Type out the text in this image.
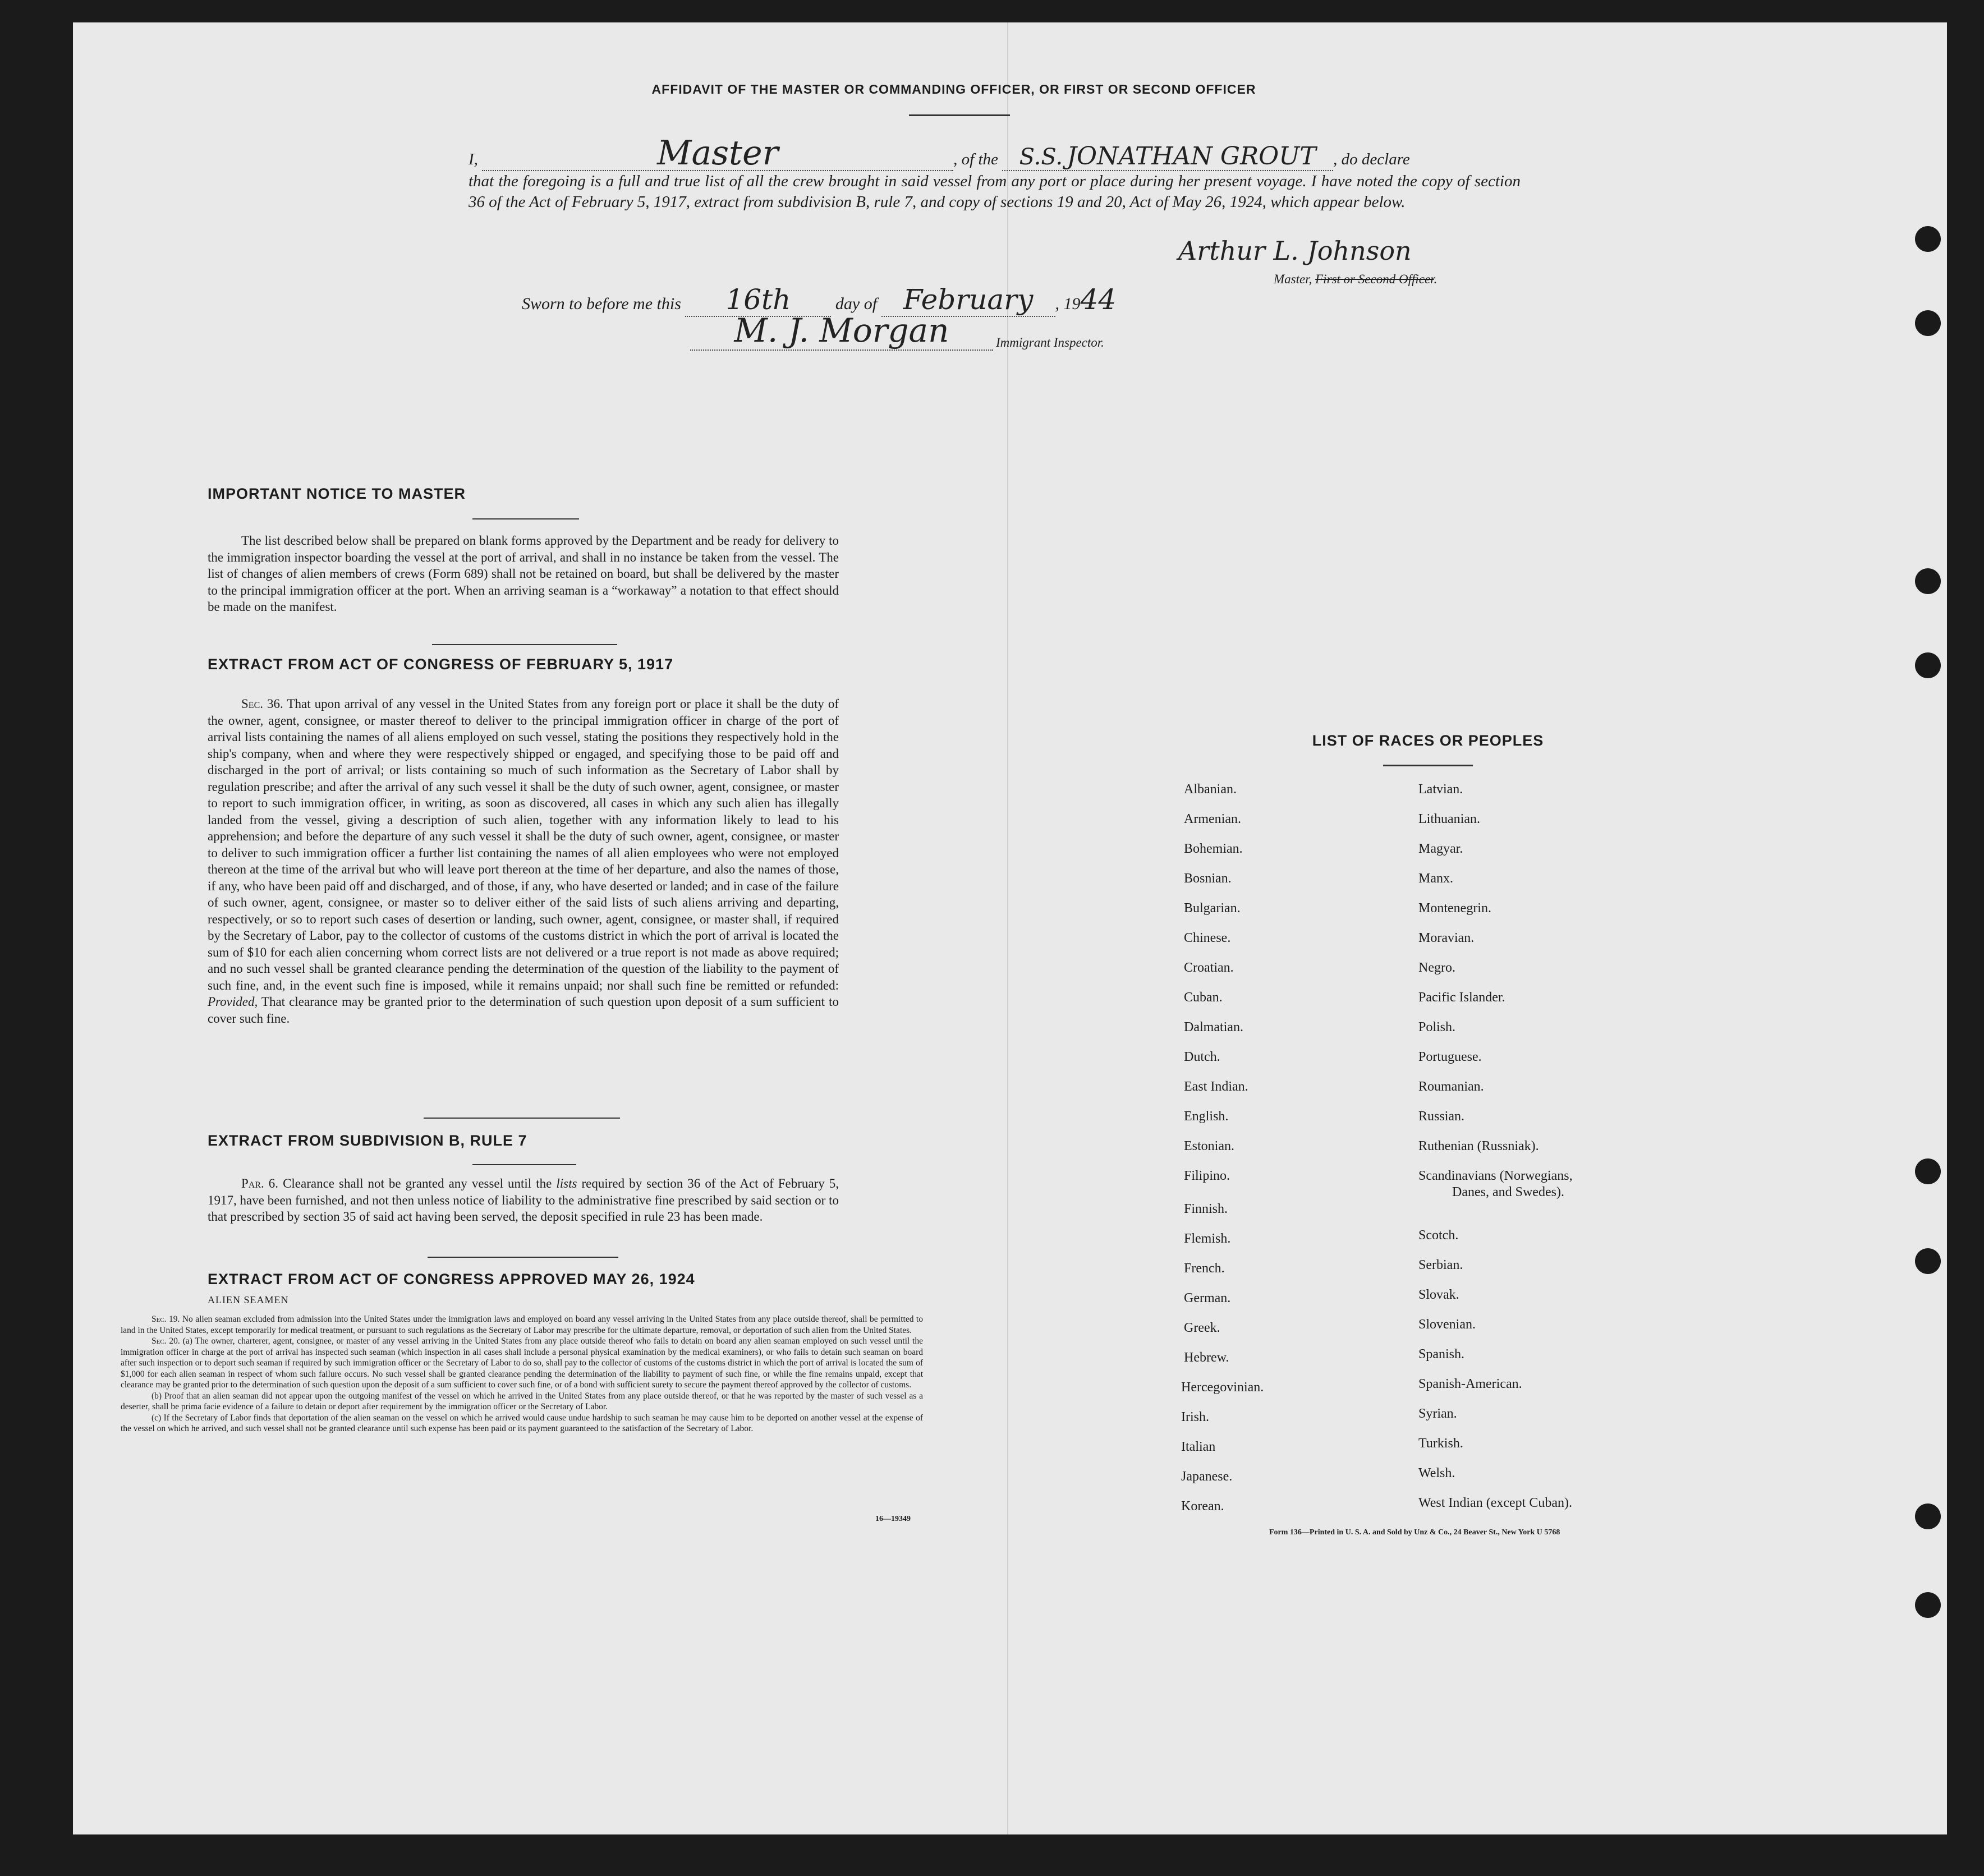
AFFIDAVIT OF THE MASTER OR COMMANDING OFFICER, OR FIRST OR SECOND OFFICER
I,	Master	, of the S.S. JONATHAN GROUT , do declare
that the foregoing is a full and true list of all the crew brought in said vessel from any port or place during her present voyage. I have noted the copy of section 36 of the Act of February 5, 1917, extract from subdivision B, rule 7, and copy of sections 19 and 20, Act of May 26, 1924, which appear below.
Arthur L. Johnson
Master, First or Second Officer.
Sworn to before me this 16th	day of February , 1944
M. J. Morgan	Immigrant Inspector.
IMPORTANT NOTICE TO MASTER
The list described below shall be prepared on blank forms approved by the Department and be ready for delivery to the immigration inspector boarding the vessel at the port of arrival, and shall in no instance be taken from the vessel. The list of changes of alien members of crews (Form 689) shall not be retained on board, but shall be delivered by the master to the principal immigration officer at the port. When an arriving seaman is a “workaway” a notation to that effect should be made on the manifest.
EXTRACT FROM ACT OF CONGRESS OF FEBRUARY 5, 1917
Sec. 36. That upon arrival of any vessel in the United States from any foreign port or place it shall be the duty of the owner, agent, consignee, or master thereof to deliver to the principal immigration officer in charge of the port of arrival lists containing the names of all aliens employed on such vessel, stating the positions they respectively hold in the ship's company, when and where they were respectively shipped or engaged, and specifying those to be paid off and discharged in the port of arrival; or lists containing so much of such information as the Secretary of Labor shall by regulation prescribe; and after the arrival of any such vessel it shall be the duty of such owner, agent, consignee, or master to report to such immigration officer, in writing, as soon as discovered, all cases in which any such alien has illegally landed from the vessel, giving a description of such alien, together with any information likely to lead to his apprehension; and before the departure of any such vessel it shall be the duty of such owner, agent, consignee, or master to deliver to such immigration officer a further list containing the names of all alien employees who were not employed thereon at the time of the arrival but who will leave port thereon at the time of her departure, and also the names of those, if any, who have been paid off and discharged, and of those, if any, who have deserted or landed; and in case of the failure of such owner, agent, consignee, or master so to deliver either of the said lists of such aliens arriving and departing, respectively, or so to report such cases of desertion or landing, such owner, agent, consignee, or master shall, if required by the Secretary of Labor, pay to the collector of customs of the customs district in which the port of arrival is located the sum of $10 for each alien concerning whom correct lists are not delivered or a true report is not made as above required; and no such vessel shall be granted clearance pending the determination of the question of the liability to the payment of such fine, and, in the event such fine is imposed, while it remains unpaid; nor shall such fine be remitted or refunded: Provided, That clearance may be granted prior to the determination of such question upon deposit of a sum sufficient to cover such fine.
EXTRACT FROM SUBDIVISION B, RULE 7
Par. 6. Clearance shall not be granted any vessel until the lists required by section 36 of the Act of February 5, 1917, have been furnished, and not then unless notice of liability to the administrative fine prescribed by said section or to that prescribed by section 35 of said act having been served, the deposit specified in rule 23 has been made.
EXTRACT FROM ACT OF CONGRESS APPROVED MAY 26, 1924
ALIEN SEAMEN
Sec. 19. No alien seaman excluded from admission into the United States under the immigration laws and employed on board any vessel arriving in the United States from any place outside thereof, shall be permitted to land in the United States, except temporarily for medical treatment, or pursuant to such regulations as the Secretary of Labor may prescribe for the ultimate departure, removal, or deportation of such alien from the United States.
Sec. 20. (a) The owner, charterer, agent, consignee, or master of any vessel arriving in the United States from any place outside thereof who fails to detain on board any alien seaman employed on such vessel until the immigration officer in charge at the port of arrival has inspected such seaman (which inspection in all cases shall include a personal physical examination by the medical examiners), or who fails to detain such seaman on board after such inspection or to deport such seaman if required by such immigration officer or the Secretary of Labor to do so, shall pay to the collector of customs of the customs district in which the port of arrival is located the sum of $1,000 for each alien seaman in respect of whom such failure occurs. No such vessel shall be granted clearance pending the determination of the liability to payment of such fine, or while the fine remains unpaid, except that clearance may be granted prior to the determination of such question upon the deposit of a sum sufficient to cover such fine, or of a bond with sufficient surety to secure the payment thereof approved by the collector of customs.
(b) Proof that an alien seaman did not appear upon the outgoing manifest of the vessel on which he arrived in the United States from any place outside thereof, or that he was reported by the master of such vessel as a deserter, shall be prima facie evidence of a failure to detain or deport after requirement by the immigration officer or the Secretary of Labor.
(c) If the Secretary of Labor finds that deportation of the alien seaman on the vessel on which he arrived would cause undue hardship to such seaman he may cause him to be deported on another vessel at the expense of the vessel on which he arrived, and such vessel shall not be granted clearance until such expense has been paid or its payment guaranteed to the satisfaction of the Secretary of Labor.
16—19349
LIST OF RACES OR PEOPLES
Albanian.
Armenian.
Bohemian.
Bosnian.
Bulgarian.
Chinese.
Croatian.
Cuban.
Dalmatian.
Dutch.
East Indian.
English.
Estonian.
Filipino.
Finnish.
Flemish.
French.
German.
Greek.
Hebrew.
Hercegovinian.
Irish.
Italian
Japanese.
Korean.
Latvian.
Lithuanian.
Magyar.
Manx.
Montenegrin.
Moravian.
Negro.
Pacific Islander.
Polish.
Portuguese.
Roumanian.
Russian.
Ruthenian (Russniak).
Scandinavians (Norwegians,
Danes, and Swedes).
Scotch.
Serbian.
Slovak.
Slovenian.
Spanish.
Spanish-American.
Syrian.
Turkish.
Welsh.
West Indian (except Cuban).
Form 136—Printed in U. S. A. and Sold by Unz & Co., 24 Beaver St., New York U 5768
